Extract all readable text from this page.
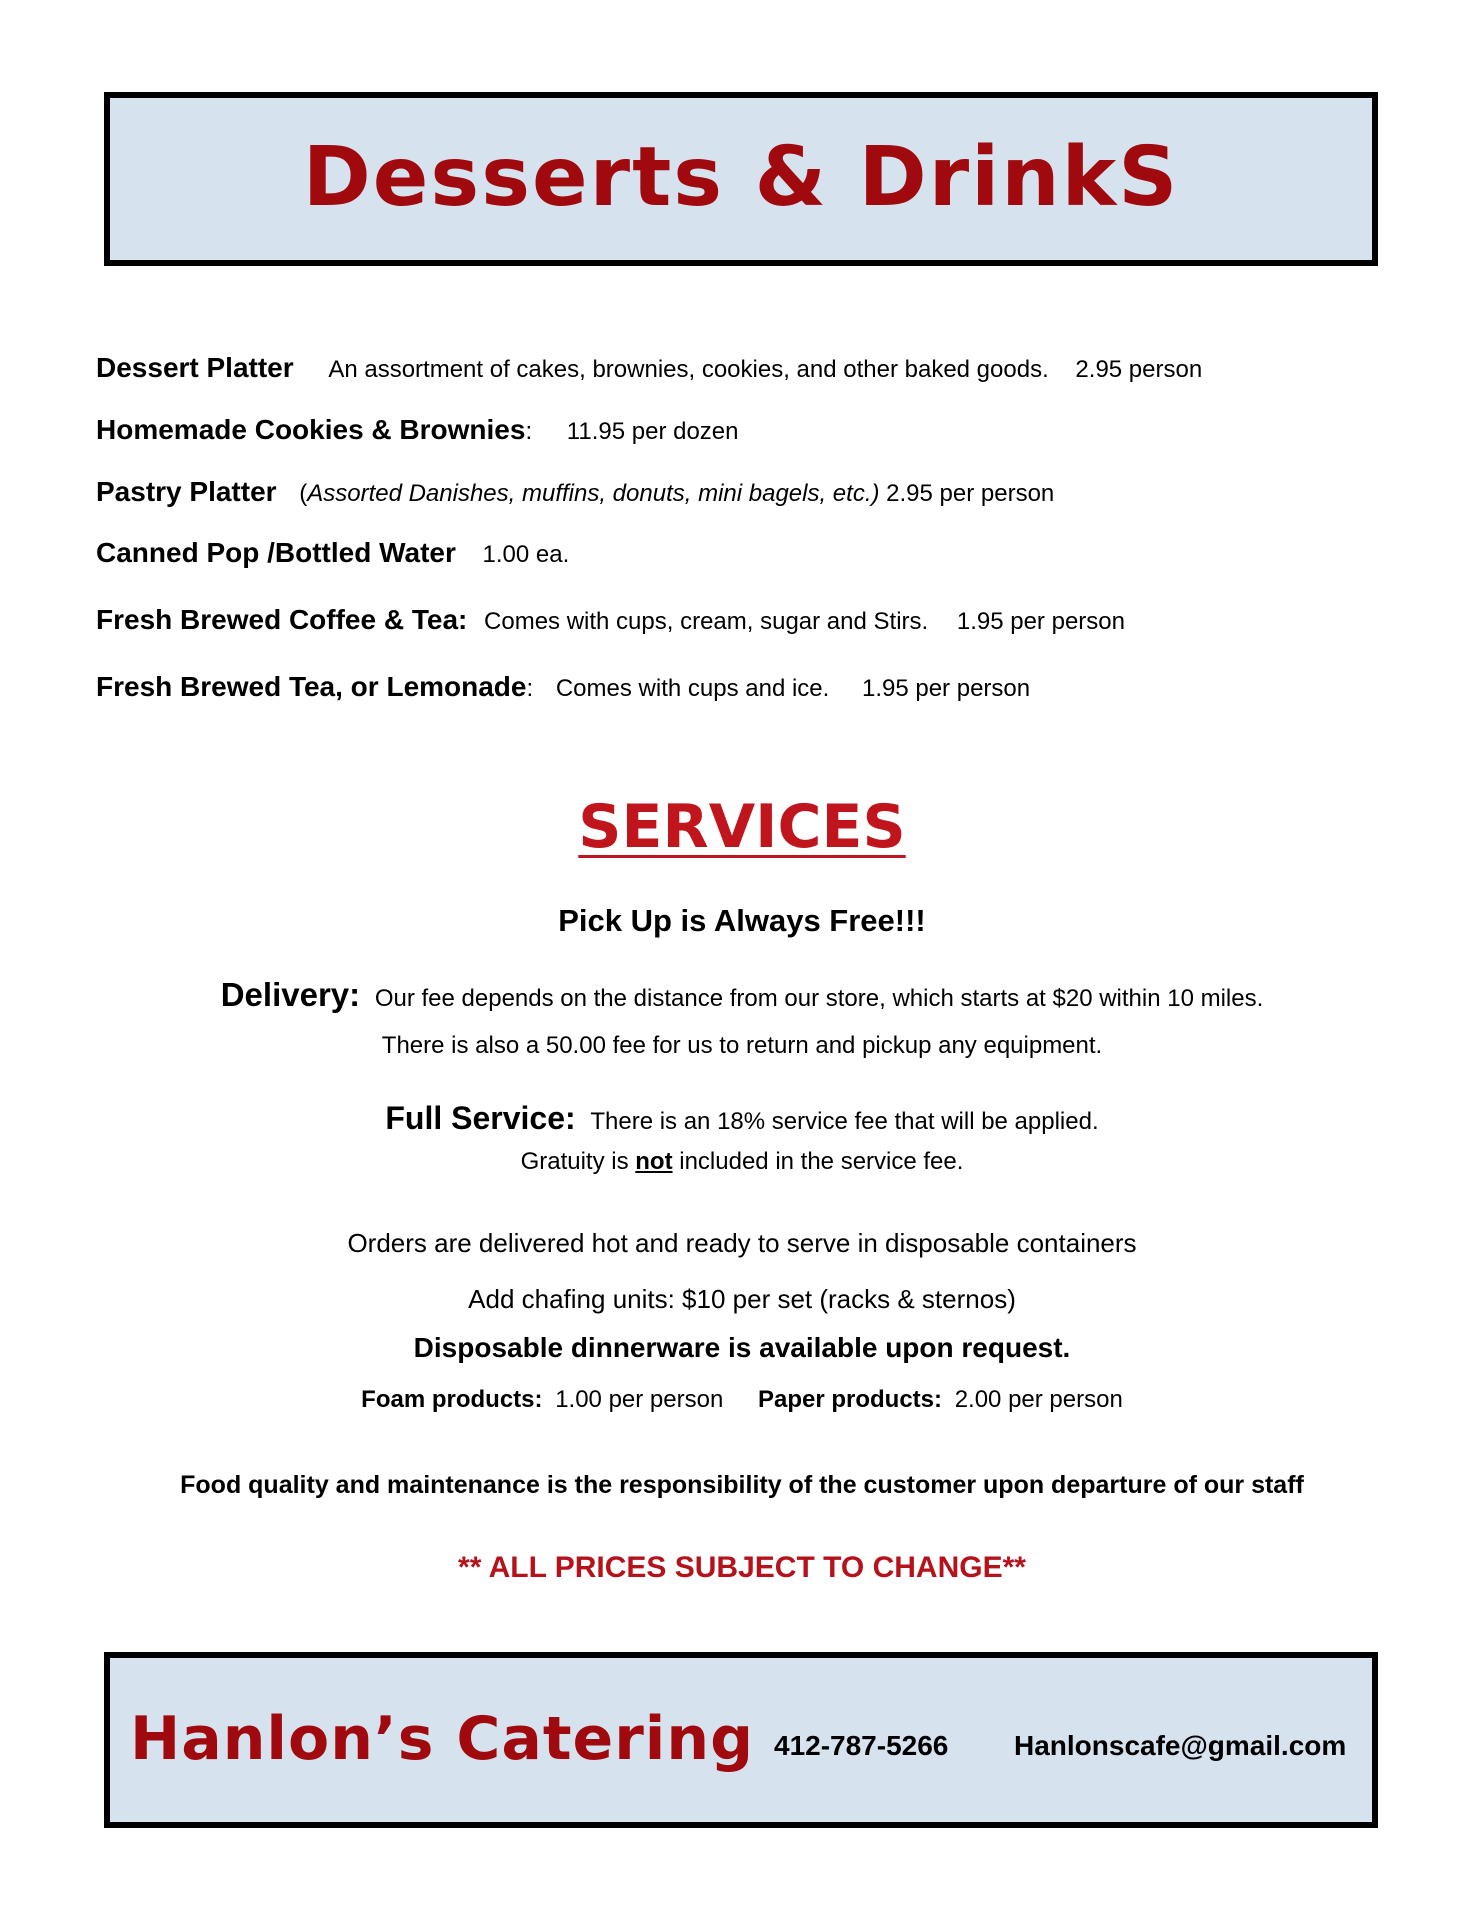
Desserts & DrinkS
Dessert Platter An assortment of cakes, brownies, cookies, and other baked goods. 2.95 person
Homemade Cookies & Brownies: 11.95 per dozen
Pastry Platter (Assorted Danishes, muffins, donuts, mini bagels, etc.) 2.95 per person
Canned Pop /Bottled Water 1.00 ea.
Fresh Brewed Coffee & Tea: Comes with cups, cream, sugar and Stirs. 1.95 per person
Fresh Brewed Tea, or Lemonade: Comes with cups and ice. 1.95 per person
SERVICES
Pick Up is Always Free!!!
Delivery: Our fee depends on the distance from our store, which starts at $20 within 10 miles.
There is also a 50.00 fee for us to return and pickup any equipment.
Full Service: There is an 18% service fee that will be applied.
Gratuity is not included in the service fee.
Orders are delivered hot and ready to serve in disposable containers
Add chafing units: $10 per set (racks & sternos)
Disposable dinnerware is available upon request.
Foam products: 1.00 per person Paper products: 2.00 per person
Food quality and maintenance is the responsibility of the customer upon departure of our staff
** ALL PRICES SUBJECT TO CHANGE**
Hanlon’s Catering 412-787-5266 Hanlonscafe@gmail.com
